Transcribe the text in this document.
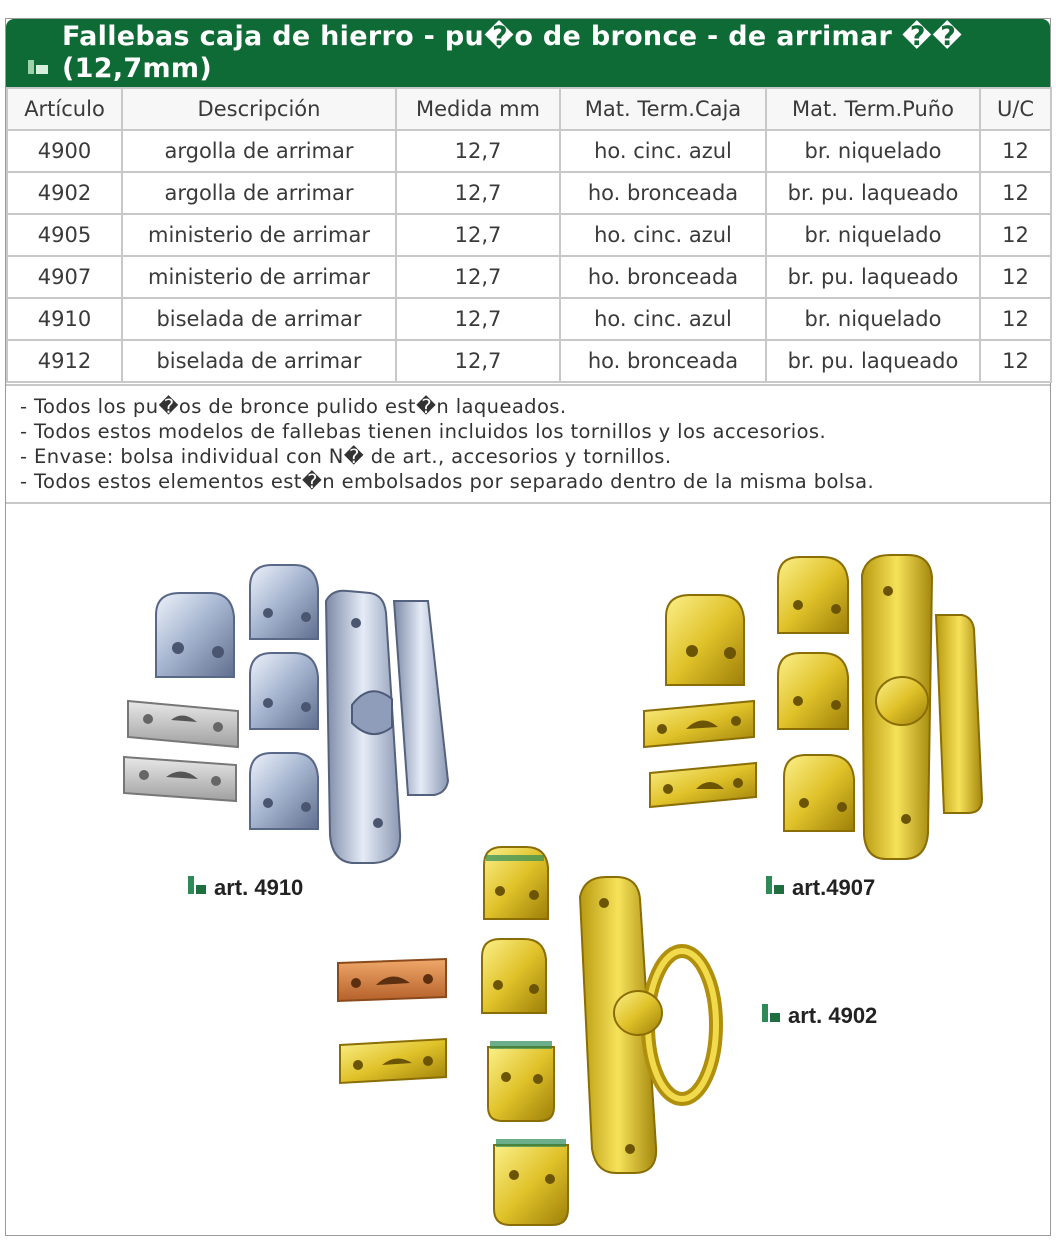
Fallebas caja de hierro - pu�o de bronce - de arrimar �� (12,7mm)
Artículo	Descripción	Medida mm	Mat. Term.Caja	Mat. Term.Puño	U/C
4900	argolla de arrimar	12,7	ho. cinc. azul	br. niquelado	12
4902	argolla de arrimar	12,7	ho. bronceada	br. pu. laqueado	12
4905	ministerio de arrimar	12,7	ho. cinc. azul	br. niquelado	12
4907	ministerio de arrimar	12,7	ho. bronceada	br. pu. laqueado	12
4910	biselada de arrimar	12,7	ho. cinc. azul	br. niquelado	12
4912	biselada de arrimar	12,7	ho. bronceada	br. pu. laqueado	12
- Todos los pu�os de bronce pulido est�n laqueados.
- Todos estos modelos de fallebas tienen incluidos los tornillos y los accesorios.
- Envase: bolsa individual con N� de art., accesorios y tornillos.
- Todos estos elementos est�n embolsados por separado dentro de la misma bolsa.
art. 4910	art.4907
art. 4902
